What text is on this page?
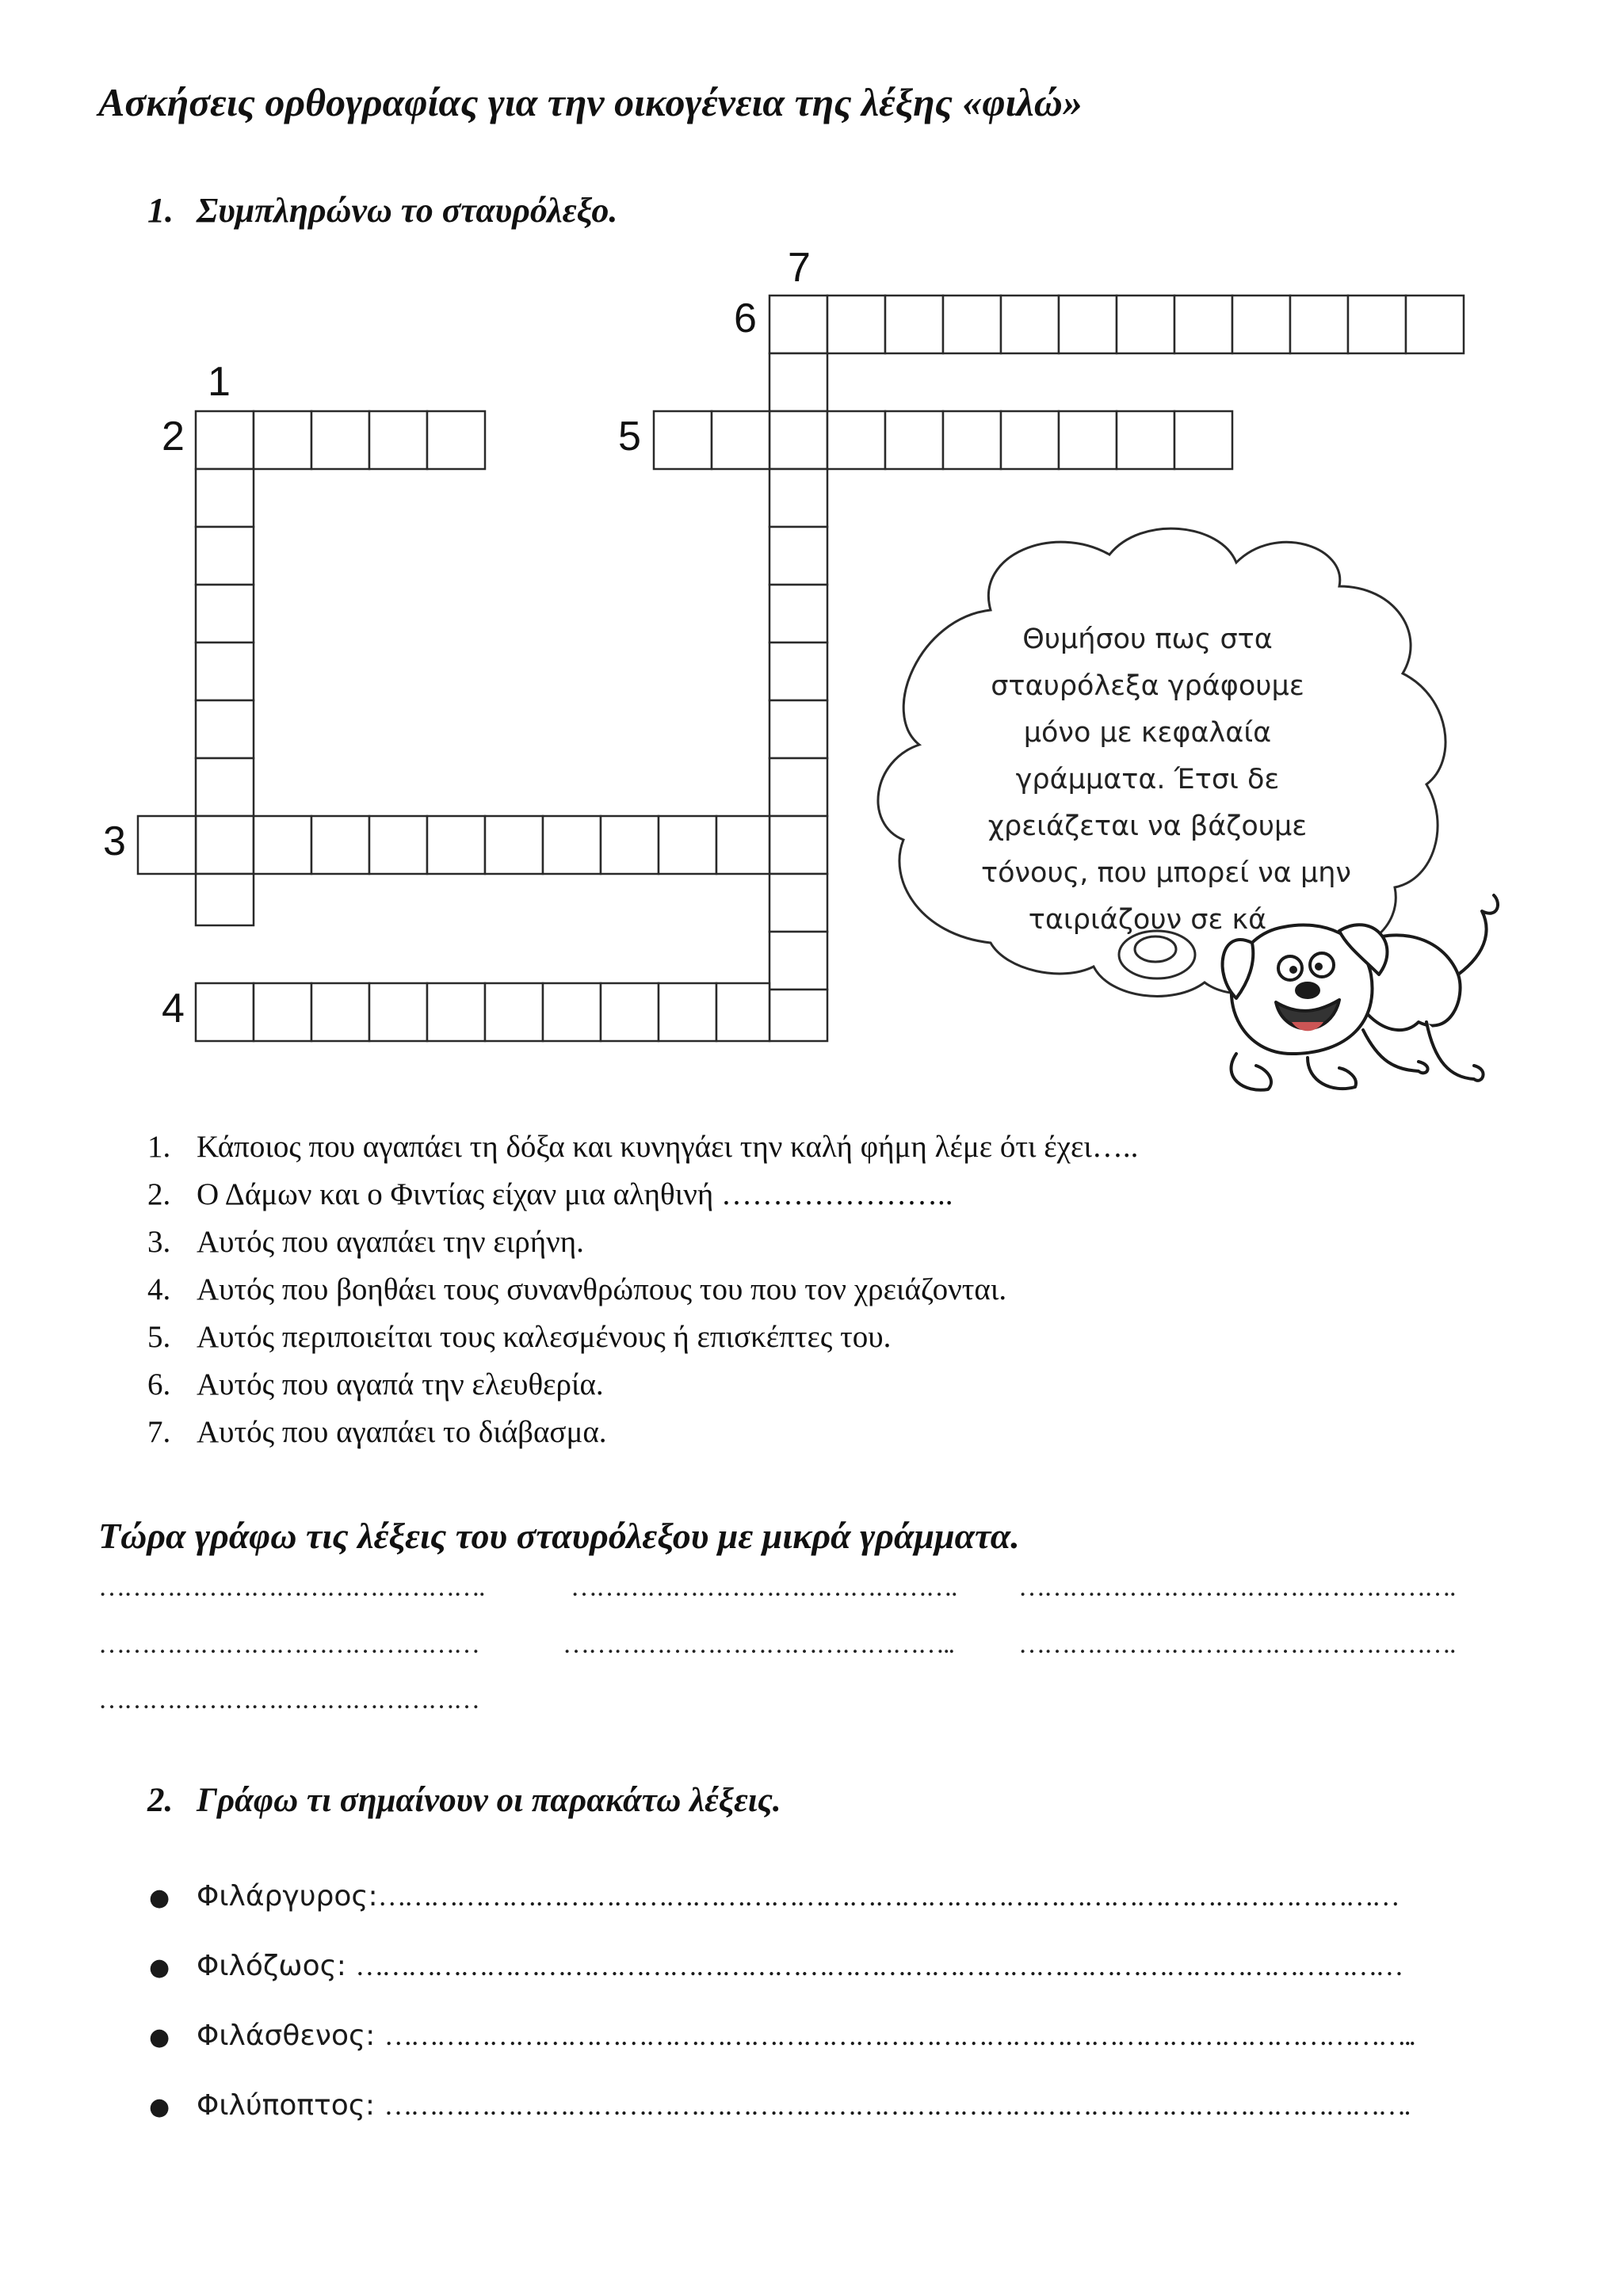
Ασκήσεις ορθογραφίας για την οικογένεια της λέξης «φιλώ»
1. Συμπληρώνω το σταυρόλεξο.
7
6
1
2	5
3
4
Θυμήσου πως στα
σταυρόλεξα γράφουμε
μόνο με κεφαλαία
γράμματα. Έτσι δε
χρειάζεται να βάζουμε
τόνους, που μπορεί να μην
ταιριάζουν σε κά
1. Κάποιος που αγαπάει τη δόξα και κυνηγάει την καλή φήμη λέμε ότι έχει…..
2. Ο Δάμων και ο Φιντίας είχαν μια αληθινή …………………..
3. Αυτός που αγαπάει την ειρήνη.
4. Αυτός που βοηθάει τους συνανθρώπους του που τον χρειάζονται.
5. Αυτός περιποιείται τους καλεσμένους ή επισκέπτες του.
6. Αυτός που αγαπά την ελευθερία.
7. Αυτός που αγαπάει το διάβασμα.
Τώρα γράφω τις λέξεις του σταυρόλεξου με μικρά γράμματα.
……………………………………….	………………………………………. …………………………………………….
………………………………………	……………………………………….. …………………………………………….
………………………………………
2. Γράφω τι σημαίνουν οι παρακάτω λέξεις.
● Φιλάργυρος:………………………………………………………………………………………………………
● Φιλόζωος: …………………………………………………………………………………………………………
● Φιλάσθενος: ………………………………………………………………………………………………………..
● Φιλύποπτος: ……………………………………………………………………………………………………….
